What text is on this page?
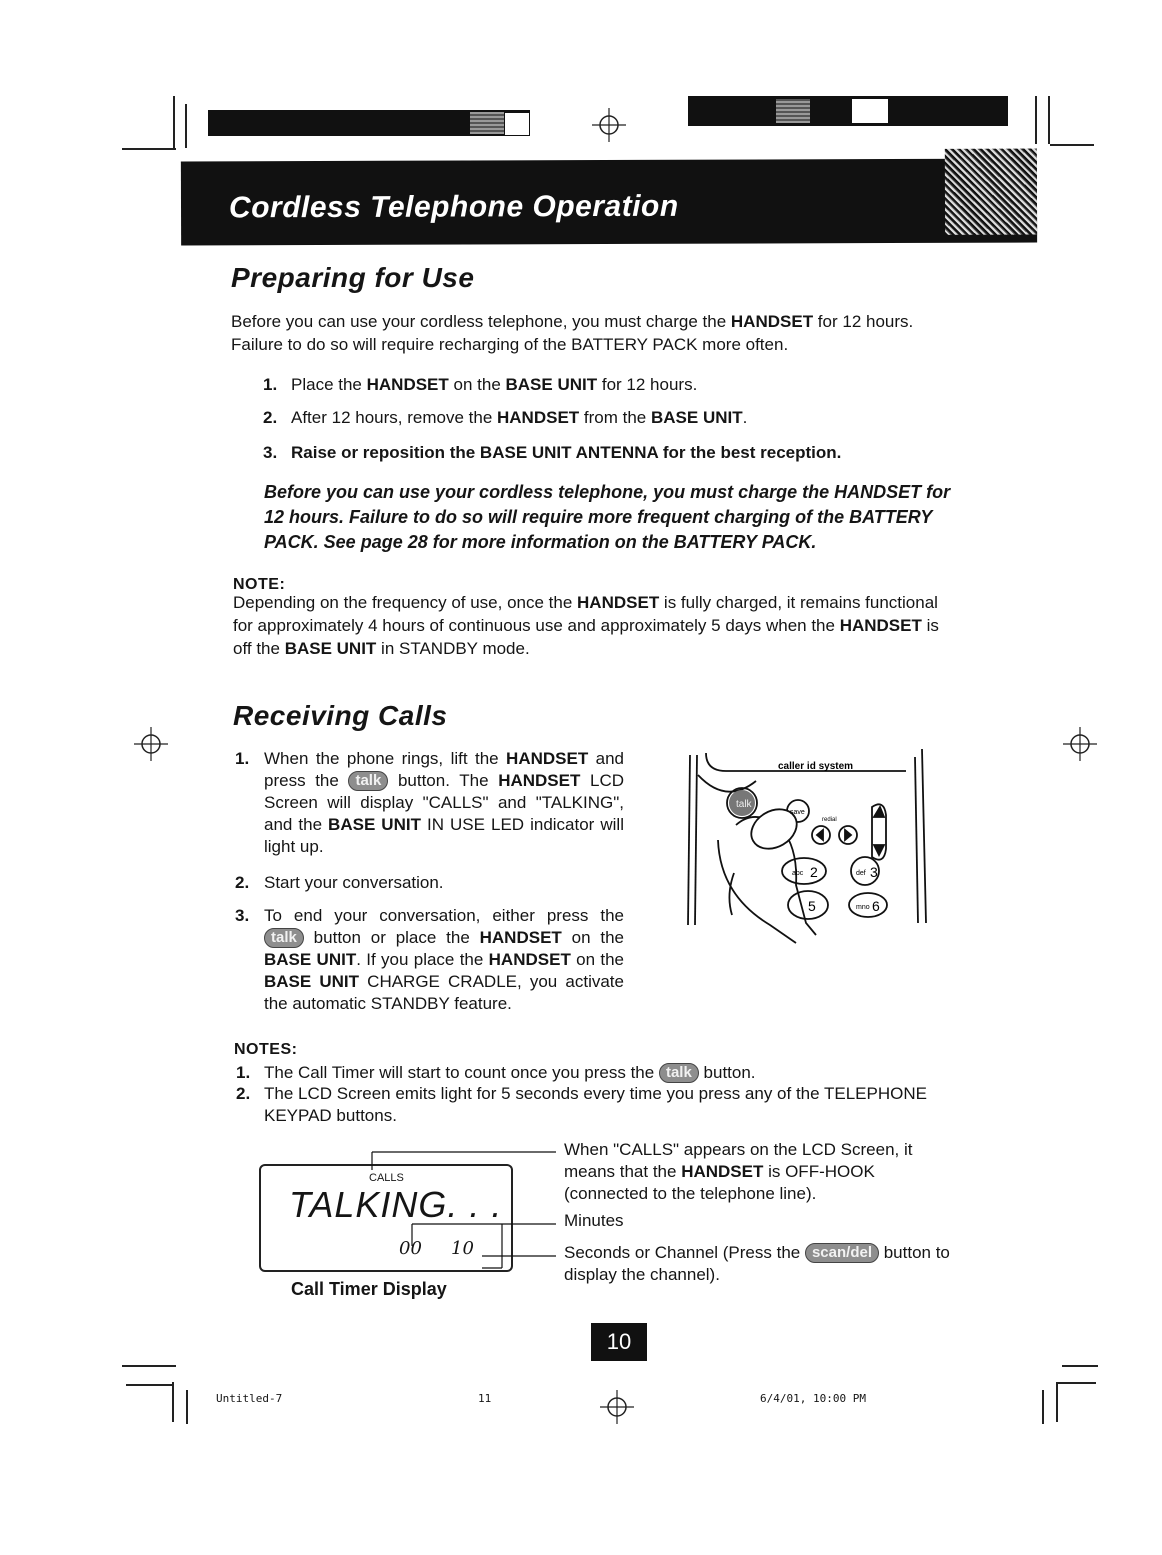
Cordless Telephone Operation
Preparing for Use
Before you can use your cordless telephone, you must charge the HANDSET for 12 hours. Failure to do so will require recharging of the BATTERY PACK more often.
1. Place the HANDSET on the BASE UNIT for 12 hours.
2. After 12 hours, remove the HANDSET from the BASE UNIT.
3. Raise or reposition the BASE UNIT ANTENNA for the best reception.
Before you can use your cordless telephone, you must charge the HANDSET for 12 hours. Failure to do so will require more frequent charging of the BATTERY PACK. See page 28 for more information on the BATTERY PACK.
NOTE:
Depending on the frequency of use, once the HANDSET is fully charged, it remains functional for approximately 4 hours of continuous use and approximately 5 days when the HANDSET is off the BASE UNIT in STANDBY mode.
Receiving Calls
1. When the phone rings, lift the HANDSET and press the talk button. The HANDSET LCD Screen will display "CALLS" and "TALKING", and the BASE UNIT IN USE LED indicator will light up.
2. Start your conversation.
3. To end your conversation, either press the talk button or place the HANDSET on the BASE UNIT. If you place the HANDSET on the BASE UNIT CHARGE CRADLE, you activate the automatic STANDBY feature.
talk
save
redial
abc 2	def 3
5	mno 6
caller id system
NOTES:
1. The Call Timer will start to count once you press the talk button.
2. The LCD Screen emits light for 5 seconds every time you press any of the TELEPHONE KEYPAD buttons.
CALLS
TALKING. . .
00 10
Call Timer Display
When "CALLS" appears on the LCD Screen, it means that the HANDSET is OFF-HOOK (connected to the telephone line).
Minutes
Seconds or Channel (Press the scan/del button to display the channel).
10
Untitled-7	11	6/4/01, 10:00 PM
